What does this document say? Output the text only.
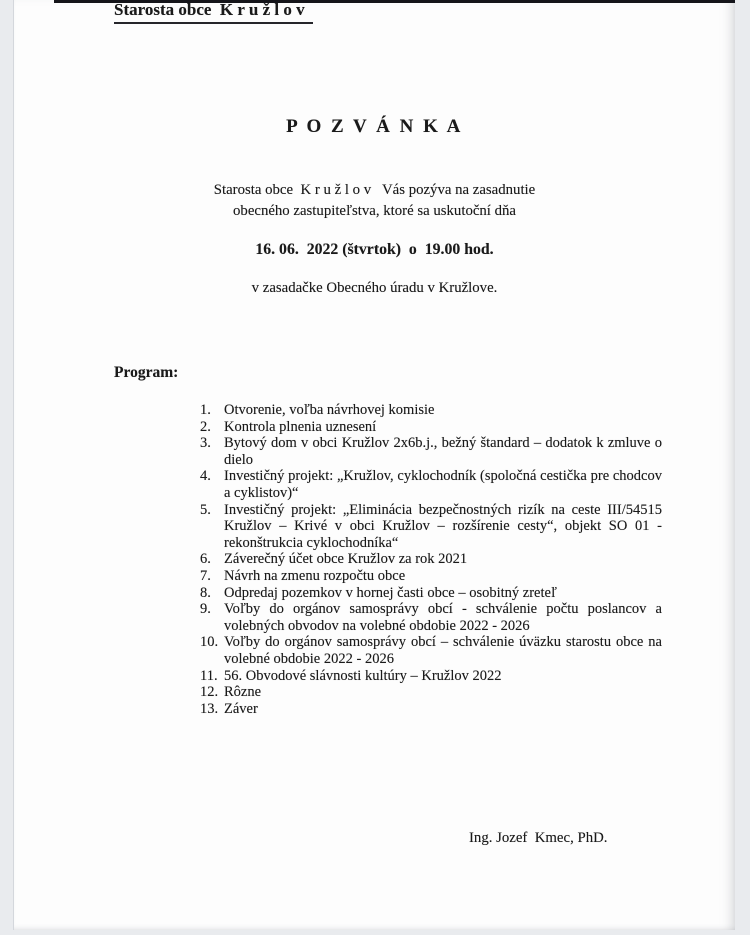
Starosta obce  K r u ž l o v
P O Z V Á N K A
Starosta obce  K r u ž l o v   Vás pozýva na zasadnutie
obecného zastupiteľstva, ktoré sa uskutoční dňa
16. 06.  2022 (štvrtok)  o  19.00 hod.
v zasadačke Obecného úradu v Kružlove.
Program:
1. Otvorenie, voľba návrhovej komisie
2. Kontrola plnenia uznesení
3. Bytový dom v obci Kružlov 2x6b.j., bežný štandard – dodatok k zmluve o dielo
4. Investičný projekt: „Kružlov, cyklochodník (spoločná cestička pre chodcov a cyklistov)“
5. Investičný projekt: „Eliminácia bezpečnostných rizík na ceste III/54515 Kružlov – Krivé v obci Kružlov – rozšírenie cesty“, objekt SO 01 - rekonštrukcia cyklochodníka“
6. Záverečný účet obce Kružlov za rok 2021
7. Návrh na zmenu rozpočtu obce
8. Odpredaj pozemkov v hornej časti obce – osobitný zreteľ
9. Voľby do orgánov samosprávy obcí - schválenie počtu poslancov a volebných obvodov na volebné obdobie 2022 - 2026
10. Voľby do orgánov samosprávy obcí – schválenie úväzku starostu obce na volebné obdobie 2022 - 2026
11. 56. Obvodové slávnosti kultúry – Kružlov 2022
12. Rôzne
13. Záver
Ing. Jozef  Kmec, PhD.
